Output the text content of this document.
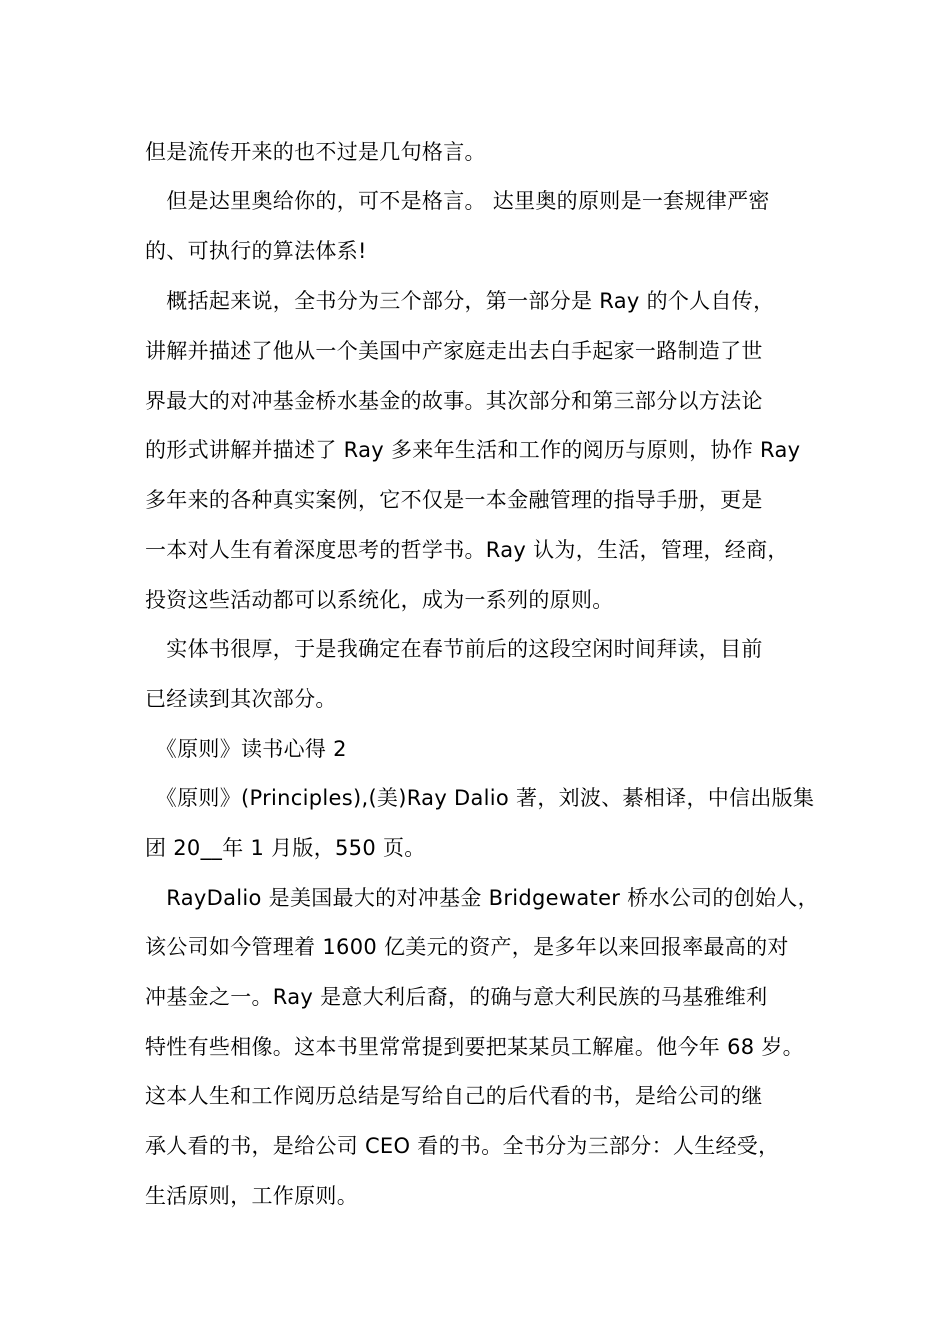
但是流传开来的也不过是几句格言。
　但是达里奥给你的，可不是格言。 达里奥的原则是一套规律严密
的、可执行的算法体系!
　概括起来说，全书分为三个部分，第一部分是 Ray 的个人自传，
讲解并描述了他从一个美国中产家庭走出去白手起家一路制造了世
界最大的对冲基金桥水基金的故事。其次部分和第三部分以方法论
的形式讲解并描述了 Ray 多来年生活和工作的阅历与原则，协作 Ray
多年来的各种真实案例，它不仅是一本金融管理的指导手册，更是
一本对人生有着深度思考的哲学书。Ray 认为，生活，管理，经商，
投资这些活动都可以系统化，成为一系列的原则。
　实体书很厚，于是我确定在春节前后的这段空闲时间拜读，目前
已经读到其次部分。
　《原则》读书心得 2
　《原则》(Principles),(美)Ray Dalio 著，刘波、綦相译，中信出版集
团 20__年 1 月版，550 页。
　RayDalio 是美国最大的对冲基金 Bridgewater 桥水公司的创始人，
该公司如今管理着 1600 亿美元的资产，是多年以来回报率最高的对
冲基金之一。Ray 是意大利后裔，的确与意大利民族的马基雅维利
特性有些相像。这本书里常常提到要把某某员工解雇。他今年 68 岁。
这本人生和工作阅历总结是写给自己的后代看的书，是给公司的继
承人看的书，是给公司 CEO 看的书。全书分为三部分：人生经受，
生活原则，工作原则。
